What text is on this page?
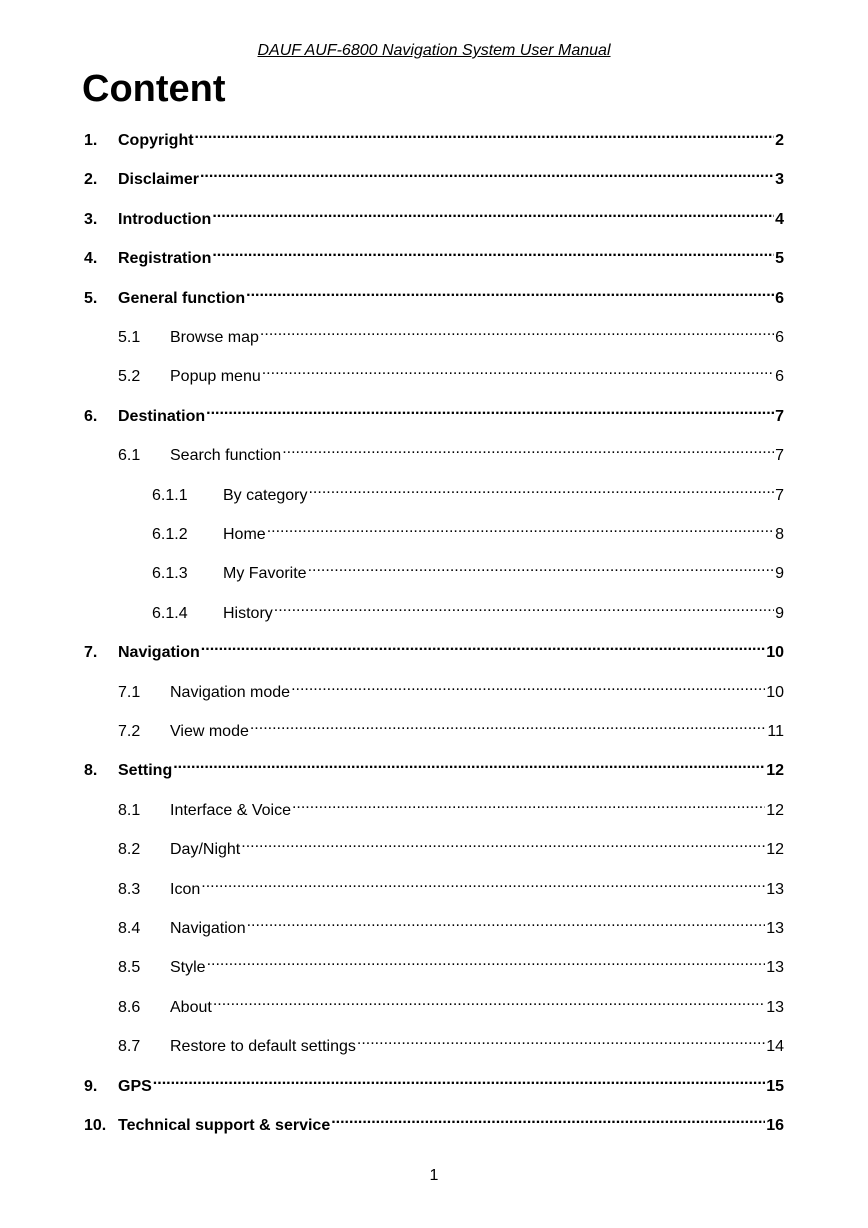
DAUF AUF-6800 Navigation System User Manual
Content
1.	Copyright .....	2
2.	Disclaimer .....	3
3.	Introduction .....	4
4.	Registration .....	5
5.	General function .....	6
5.1	Browse map .....	6
5.2	Popup menu .....	6
6.	Destination .....	7
6.1	Search function .....	7
6.1.1	By category .....	7
6.1.2	Home .....	8
6.1.3	My Favorite .....	9
6.1.4	History .....	9
7.	Navigation .....	10
7.1	Navigation mode .....	10
7.2	View mode .....	11
8.	Setting .....	12
8.1	Interface & Voice .....	12
8.2	Day/Night .....	12
8.3	Icon .....	13
8.4	Navigation .....	13
8.5	Style .....	13
8.6	About .....	13
8.7	Restore to default settings .....	14
9.	GPS .....	15
10. Technical support & service .....	16
1
